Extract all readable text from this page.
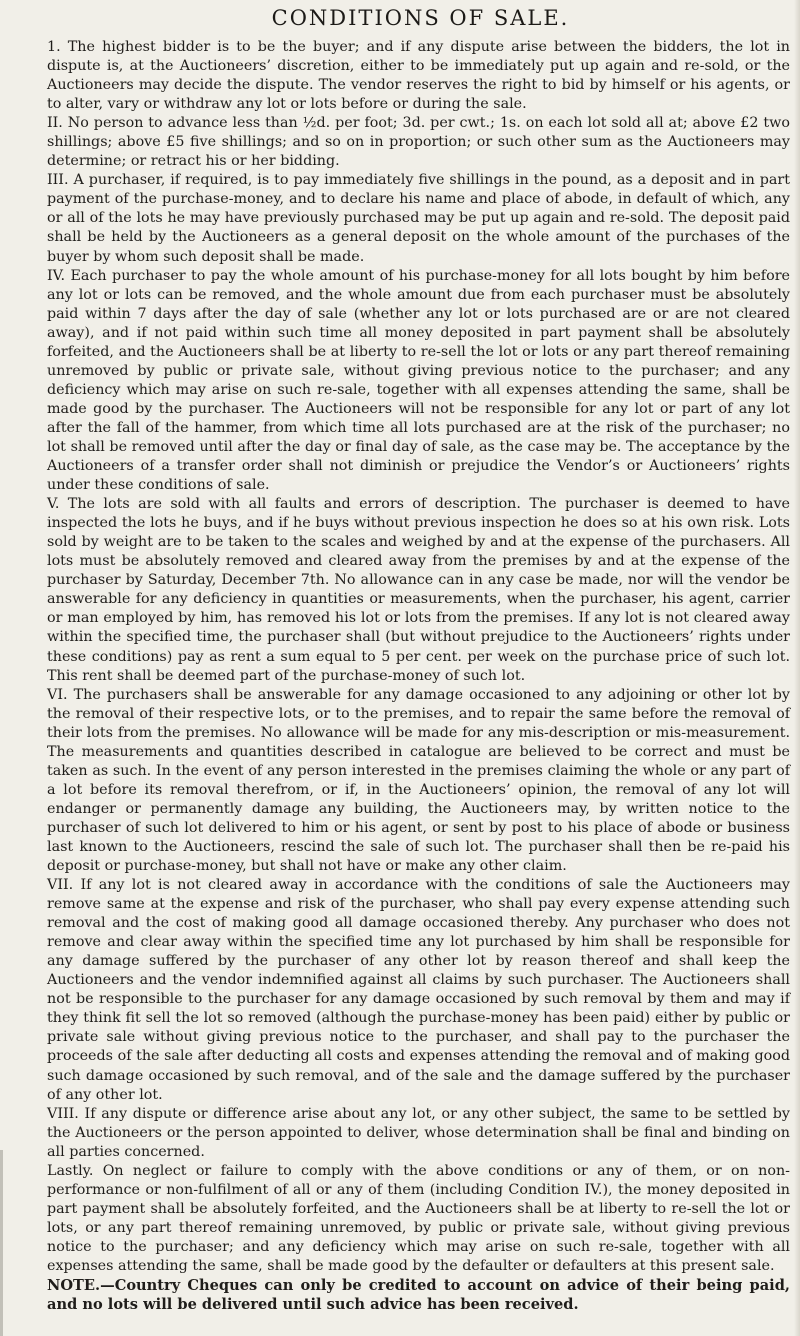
CONDITIONS OF SALE.

1. The highest bidder is to be the buyer; and if any dispute arise between the bidders, the lot in dispute is, at the Auctioneers’ discretion, either to be immediately put up again and re-sold, or the Auctioneers may decide the dispute. The vendor reserves the right to bid by himself or his agents, or to alter, vary or withdraw any lot or lots before or during the sale.

II. No person to advance less than ½d. per foot; 3d. per cwt.; 1s. on each lot sold all at; above £2 two shillings; above £5 five shillings; and so on in proportion; or such other sum as the Auctioneers may determine; or retract his or her bidding.

III. A purchaser, if required, is to pay immediately five shillings in the pound, as a deposit and in part payment of the purchase-money, and to declare his name and place of abode, in default of which, any or all of the lots he may have previously purchased may be put up again and re-sold. The deposit paid shall be held by the Auctioneers as a general deposit on the whole amount of the purchases of the buyer by whom such deposit shall be made.

IV. Each purchaser to pay the whole amount of his purchase-money for all lots bought by him before any lot or lots can be removed, and the whole amount due from each purchaser must be absolutely paid within 7 days after the day of sale (whether any lot or lots purchased are or are not cleared away), and if not paid within such time all money deposited in part payment shall be absolutely forfeited, and the Auctioneers shall be at liberty to re-sell the lot or lots or any part thereof remaining unremoved by public or private sale, without giving previous notice to the purchaser; and any deficiency which may arise on such re-sale, together with all expenses attending the same, shall be made good by the purchaser. The Auctioneers will not be responsible for any lot or part of any lot after the fall of the hammer, from which time all lots purchased are at the risk of the purchaser; no lot shall be removed until after the day or final day of sale, as the case may be. The acceptance by the Auctioneers of a transfer order shall not diminish or prejudice the Vendor’s or Auctioneers’ rights under these conditions of sale.

V. The lots are sold with all faults and errors of description. The purchaser is deemed to have inspected the lots he buys, and if he buys without previous inspection he does so at his own risk. Lots sold by weight are to be taken to the scales and weighed by and at the expense of the purchasers. All lots must be absolutely removed and cleared away from the premises by and at the expense of the purchaser by Saturday, December 7th. No allowance can in any case be made, nor will the vendor be answerable for any deficiency in quantities or measurements, when the purchaser, his agent, carrier or man employed by him, has removed his lot or lots from the premises. If any lot is not cleared away within the specified time, the purchaser shall (but without prejudice to the Auctioneers’ rights under these conditions) pay as rent a sum equal to 5 per cent. per week on the purchase price of such lot. This rent shall be deemed part of the purchase-money of such lot.

VI. The purchasers shall be answerable for any damage occasioned to any adjoining or other lot by the removal of their respective lots, or to the premises, and to repair the same before the removal of their lots from the premises. No allowance will be made for any mis-description or mis-measurement. The measurements and quantities described in catalogue are believed to be correct and must be taken as such. In the event of any person interested in the premises claiming the whole or any part of a lot before its removal therefrom, or if, in the Auctioneers’ opinion, the removal of any lot will endanger or permanently damage any building, the Auctioneers may, by written notice to the purchaser of such lot delivered to him or his agent, or sent by post to his place of abode or business last known to the Auctioneers, rescind the sale of such lot. The purchaser shall then be re-paid his deposit or purchase-money, but shall not have or make any other claim.

VII. If any lot is not cleared away in accordance with the conditions of sale the Auctioneers may remove same at the expense and risk of the purchaser, who shall pay every expense attending such removal and the cost of making good all damage occasioned thereby. Any purchaser who does not remove and clear away within the specified time any lot purchased by him shall be responsible for any damage suffered by the purchaser of any other lot by reason thereof and shall keep the Auctioneers and the vendor indemnified against all claims by such purchaser. The Auctioneers shall not be responsible to the purchaser for any damage occasioned by such removal by them and may if they think fit sell the lot so removed (although the purchase-money has been paid) either by public or private sale without giving previous notice to the purchaser, and shall pay to the purchaser the proceeds of the sale after deducting all costs and expenses attending the removal and of making good such damage occasioned by such removal, and of the sale and the damage suffered by the purchaser of any other lot.

VIII. If any dispute or difference arise about any lot, or any other subject, the same to be settled by the Auctioneers or the person appointed to deliver, whose determination shall be final and binding on all parties concerned.

Lastly. On neglect or failure to comply with the above conditions or any of them, or on non-performance or non-fulfilment of all or any of them (including Condition IV.), the money deposited in part payment shall be absolutely forfeited, and the Auctioneers shall be at liberty to re-sell the lot or lots, or any part thereof remaining unremoved, by public or private sale, without giving previous notice to the purchaser; and any deficiency which may arise on such re-sale, together with all expenses attending the same, shall be made good by the defaulter or defaulters at this present sale.

NOTE.—Country Cheques can only be credited to account on advice of their being paid, and no lots will be delivered until such advice has been received.
